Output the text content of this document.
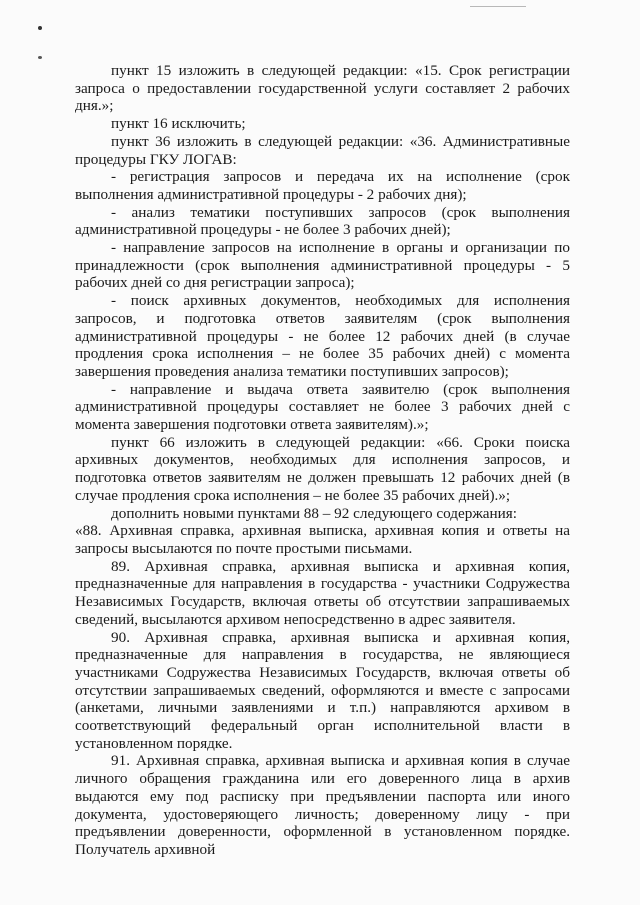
пункт 15 изложить в следующей редакции: «15. Срок регистрации запроса о предоставлении государственной услуги составляет 2 рабочих дня.»;

пункт 16 исключить;

пункт 36 изложить в следующей редакции: «36. Административные процедуры ГКУ ЛОГАВ:

- регистрация запросов и передача их на исполнение (срок выполнения административной процедуры - 2 рабочих дня);

- анализ тематики поступивших запросов (срок выполнения административной процедуры - не более 3 рабочих дней);

- направление запросов на исполнение в органы и организации по принадлежности (срок выполнения административной процедуры - 5 рабочих дней со дня регистрации запроса);

- поиск архивных документов, необходимых для исполнения запросов, и подготовка ответов заявителям (срок выполнения административной процедуры - не более 12 рабочих дней (в случае продления срока исполнения – не более 35 рабочих дней) с момента завершения проведения анализа тематики поступивших запросов);

- направление и выдача ответа заявителю (срок выполнения административной процедуры составляет не более 3 рабочих дней с момента завершения подготовки ответа заявителям).»;

пункт 66 изложить в следующей редакции: «66. Сроки поиска архивных документов, необходимых для исполнения запросов, и подготовка ответов заявителям не должен превышать 12 рабочих дней (в случае продления срока исполнения – не более 35 рабочих дней).»;

дополнить новыми пунктами 88 – 92 следующего содержания:

«88. Архивная справка, архивная выписка, архивная копия и ответы на запросы высылаются по почте простыми письмами.

89. Архивная справка, архивная выписка и архивная копия, предназначенные для направления в государства - участники Содружества Независимых Государств, включая ответы об отсутствии запрашиваемых сведений, высылаются архивом непосредственно в адрес заявителя.

90. Архивная справка, архивная выписка и архивная копия, предназначенные для направления в государства, не являющиеся участниками Содружества Независимых Государств, включая ответы об отсутствии запрашиваемых сведений, оформляются и вместе с запросами (анкетами, личными заявлениями и т.п.) направляются архивом в соответствующий федеральный орган исполнительной власти в установленном порядке.

91. Архивная справка, архивная выписка и архивная копия в случае личного обращения гражданина или его доверенного лица в архив выдаются ему под расписку при предъявлении паспорта или иного документа, удостоверяющего личность; доверенному лицу - при предъявлении доверенности, оформленной в установленном порядке. Получатель архивной
